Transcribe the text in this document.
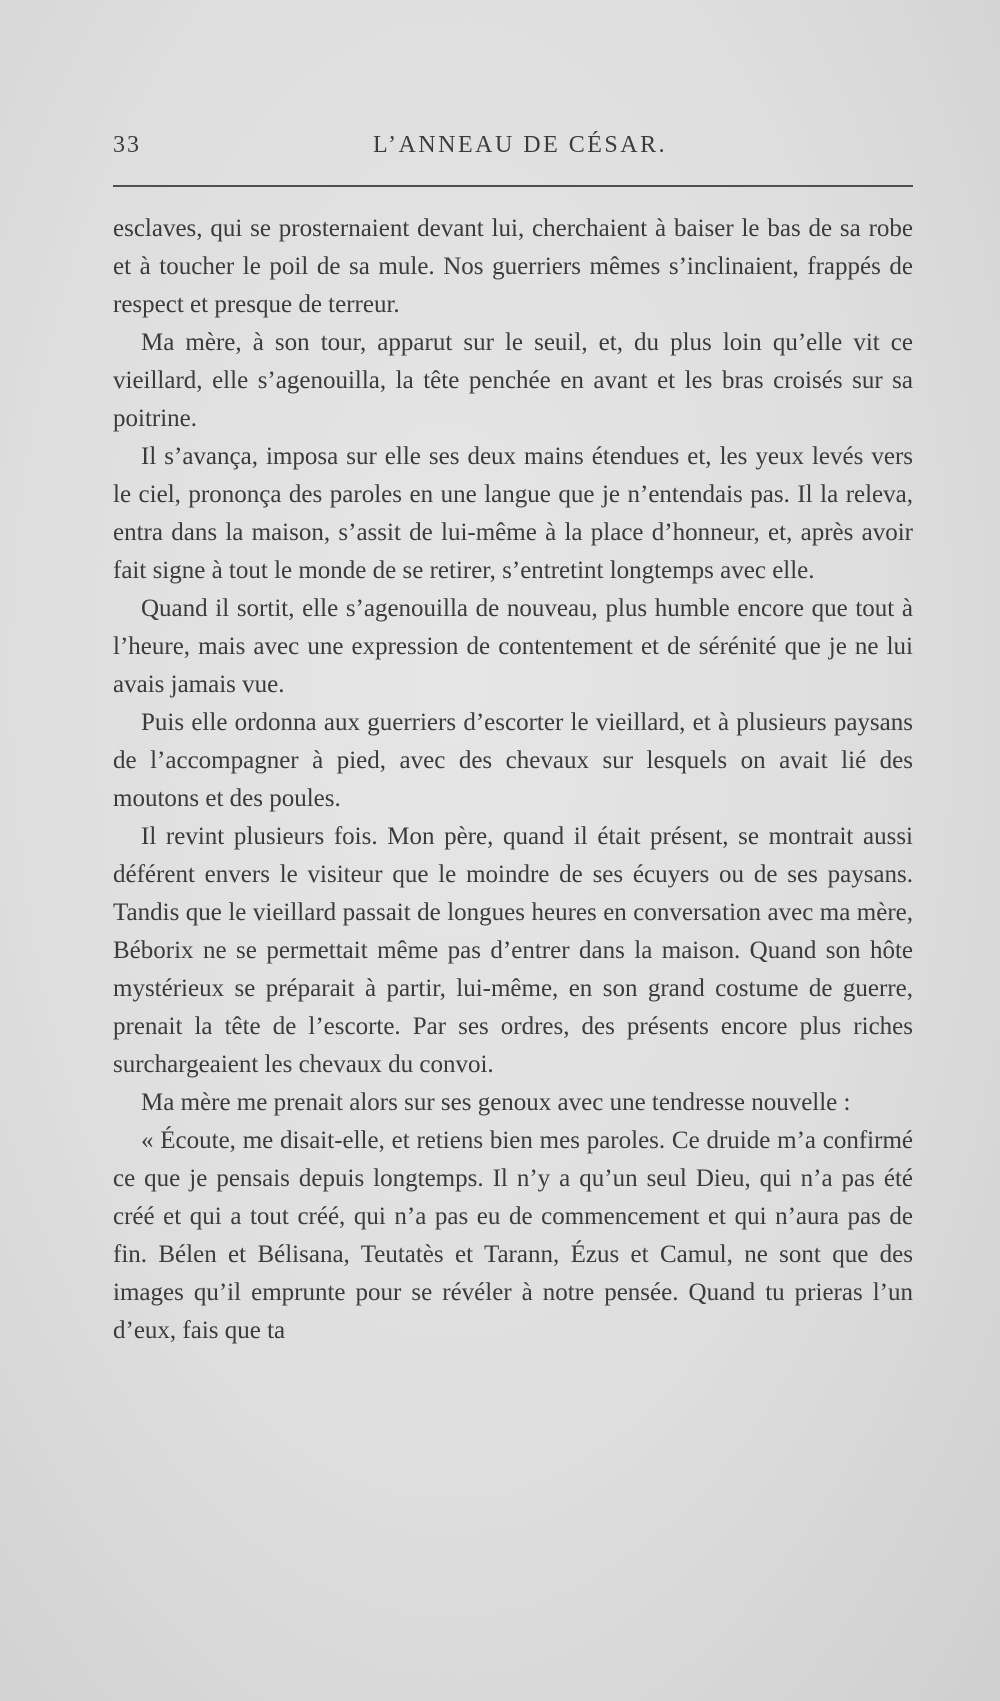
33	L’ANNEAU DE CÉSAR.

esclaves, qui se prosternaient devant lui, cherchaient à baiser le bas de sa robe et à toucher le poil de sa mule. Nos guerriers mêmes s’inclinaient, frappés de respect et presque de terreur.

Ma mère, à son tour, apparut sur le seuil, et, du plus loin qu’elle vit ce vieillard, elle s’agenouilla, la tête penchée en avant et les bras croisés sur sa poitrine.

Il s’avança, imposa sur elle ses deux mains étendues et, les yeux levés vers le ciel, prononça des paroles en une langue que je n’entendais pas. Il la releva, entra dans la maison, s’assit de lui-même à la place d’honneur, et, après avoir fait signe à tout le monde de se retirer, s’entretint longtemps avec elle.

Quand il sortit, elle s’agenouilla de nouveau, plus humble encore que tout à l’heure, mais avec une expression de contentement et de sérénité que je ne lui avais jamais vue.

Puis elle ordonna aux guerriers d’escorter le vieillard, et à plusieurs paysans de l’accompagner à pied, avec des chevaux sur lesquels on avait lié des moutons et des poules.

Il revint plusieurs fois. Mon père, quand il était présent, se montrait aussi déférent envers le visiteur que le moindre de ses écuyers ou de ses paysans. Tandis que le vieillard passait de longues heures en conversation avec ma mère, Béborix ne se permettait même pas d’entrer dans la maison. Quand son hôte mystérieux se préparait à partir, lui-même, en son grand costume de guerre, prenait la tête de l’escorte. Par ses ordres, des présents encore plus riches surchargeaient les chevaux du convoi.

Ma mère me prenait alors sur ses genoux avec une tendresse nouvelle :

« Écoute, me disait-elle, et retiens bien mes paroles. Ce druide m’a confirmé ce que je pensais depuis longtemps. Il n’y a qu’un seul Dieu, qui n’a pas été créé et qui a tout créé, qui n’a pas eu de commencement et qui n’aura pas de fin. Bélen et Bélisana, Teutatès et Tarann, Ézus et Camul, ne sont que des images qu’il emprunte pour se révéler à notre pensée. Quand tu prieras l’un d’eux, fais que ta
